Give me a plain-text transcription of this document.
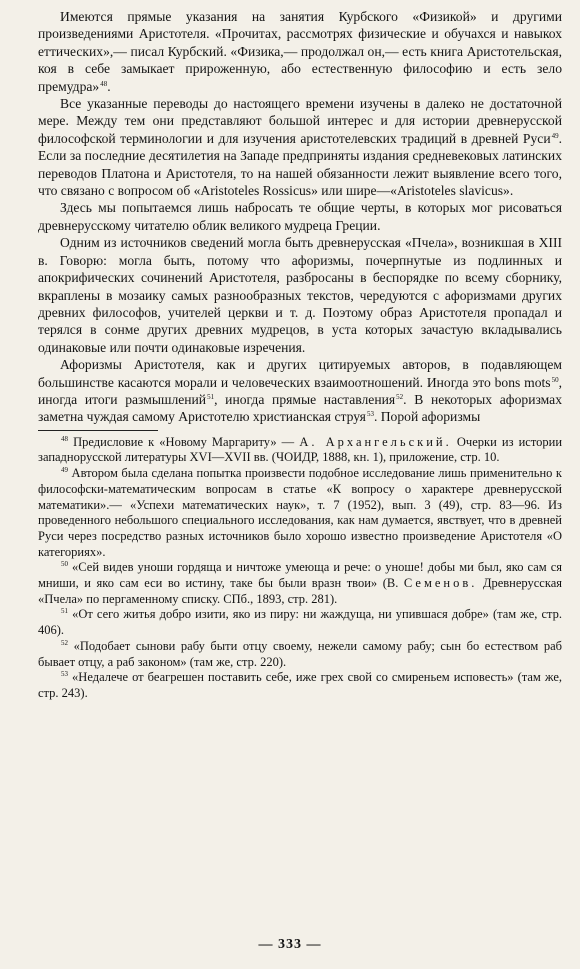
Имеются прямые указания на занятия Курбского «Физикой» и другими произведениями Аристотеля. «Прочитах, рассмотрях физические и обучахся и навыкох еттических»,— писал Курбский. «Физика,— продолжал он,— есть книга Аристотельская, коя в себе замыкает прироженную, або естественную философию и есть зело премудра»$^{48}$.

Все указанные переводы до настоящего времени изучены в далеко не достаточной мере. Между тем они представляют большой интерес и для истории древнерусской философской терминологии и для изучения аристотелевских традиций в древней Руси$^{49}$. Если за последние десятилетия на Западе предприняты издания средневековых латинских переводов Платона и Аристотеля, то на нашей обязанности лежит выявление всего того, что связано с вопросом об «Aristoteles Rossicus» или шире—«Aristoteles slavicus».

Здесь мы попытаемся лишь набросать те общие черты, в которых мог рисоваться древнерусскому читателю облик великого мудреца Греции.

Одним из источников сведений могла быть древнерусская «Пчела», возникшая в XIII в. Говорю: могла быть, потому что афоризмы, почерпнутые из подлинных и апокрифических сочинений Аристотеля, разбросаны в беспорядке по всему сборнику, вкраплены в мозаику самых разнообразных текстов, чередуются с афоризмами других древних философов, учителей церкви и т. д. Поэтому образ Аристотеля пропадал и терялся в сонме других древних мудрецов, в уста которых зачастую вкладывались одинаковые или почти одинаковые изречения.

Афоризмы Аристотеля, как и других цитируемых авторов, в подавляющем большинстве касаются морали и человеческих взаимоотношений. Иногда это bons mots$^{50}$, иногда итоги размышлений$^{51}$, иногда прямые наставления$^{52}$. В некоторых афоризмах заметна чуждая самому Аристотелю христианская струя$^{53}$. Порой афоризмы

$^{48}$ Предисловие к «Новому Маргариту» — А. Архангельский. Очерки из истории западнорусской литературы XVI—XVII вв. (ЧОИДР, 1888, кн. 1), приложение, стр. 10.

$^{49}$ Автором была сделана попытка произвести подобное исследование лишь применительно к философски-математическим вопросам в статье «К вопросу о характере древнерусской математики».— «Успехи математических наук», т. 7 (1952), вып. 3 (49), стр. 83—96. Из проведенного небольшого специального исследования, как нам думается, явствует, что в древней Руси через посредство разных источников было хорошо известно произведение Аристотеля «О категориях».

$^{50}$ «Сей видев уноши гордяща и ничтоже умеюща и рече: о уноше! добы ми был, яко сам ся мниши, и яко сам еси во истину, таке бы были вразн твои» (В. Семенов. Древнерусская «Пчела» по пергаменному списку. СПб., 1893, стр. 281).

$^{51}$ «От сего житья добро изити, яко из пиру: ни жаждуща, ни упившася добре» (там же, стр. 406).

$^{52}$ «Подобает сынови рабу быти отцу своему, нежели самому рабу; сын бо естеством раб бывает отцу, а раб законом» (там же, стр. 220).

$^{53}$ «Недалече от беагрешен поставить себе, иже грех свой со смиреньем исповесть» (там же, стр. 243).

— 333 —
